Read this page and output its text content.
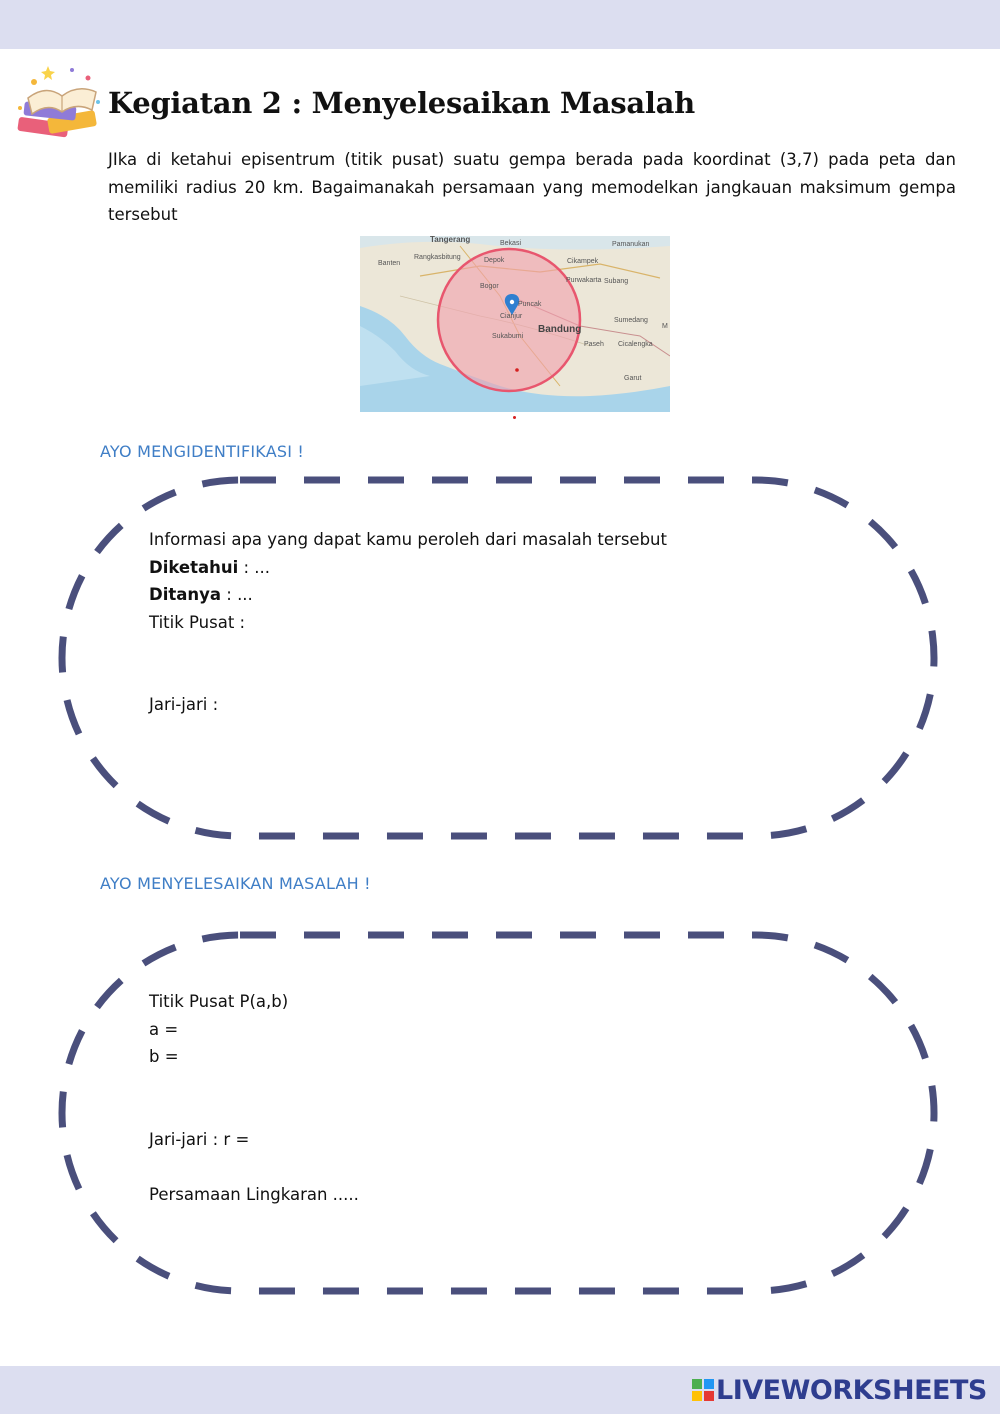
Kegiatan 2 : Menyelesaikan Masalah
JIka di ketahui episentrum (titik pusat) suatu gempa berada pada koordinat (3,7) pada peta dan memiliki radius 20 km. Bagaimanakah persamaan yang memodelkan jangkauan maksimum gempa tersebut
Tangerang	Bekasi	Pamanukan
Banten
Rangkasbitung	Depok	Cikampek
Bogor
Purwakarta Subang
Puncak
Cianjur
Bandung
Sumedang
M
Sukabumi
Paseh Cicalengka
Garut
AYO MENGIDENTIFIKASI !
Informasi apa yang dapat kamu peroleh dari masalah tersebut
Diketahui : ...
Ditanya : ...
Titik Pusat :
Jari-jari :
AYO MENYELESAIKAN MASALAH !
Titik Pusat P(a,b)
a =
b =
Jari-jari : r =
Persamaan Lingkaran .....
LIVEWORKSHEETS
